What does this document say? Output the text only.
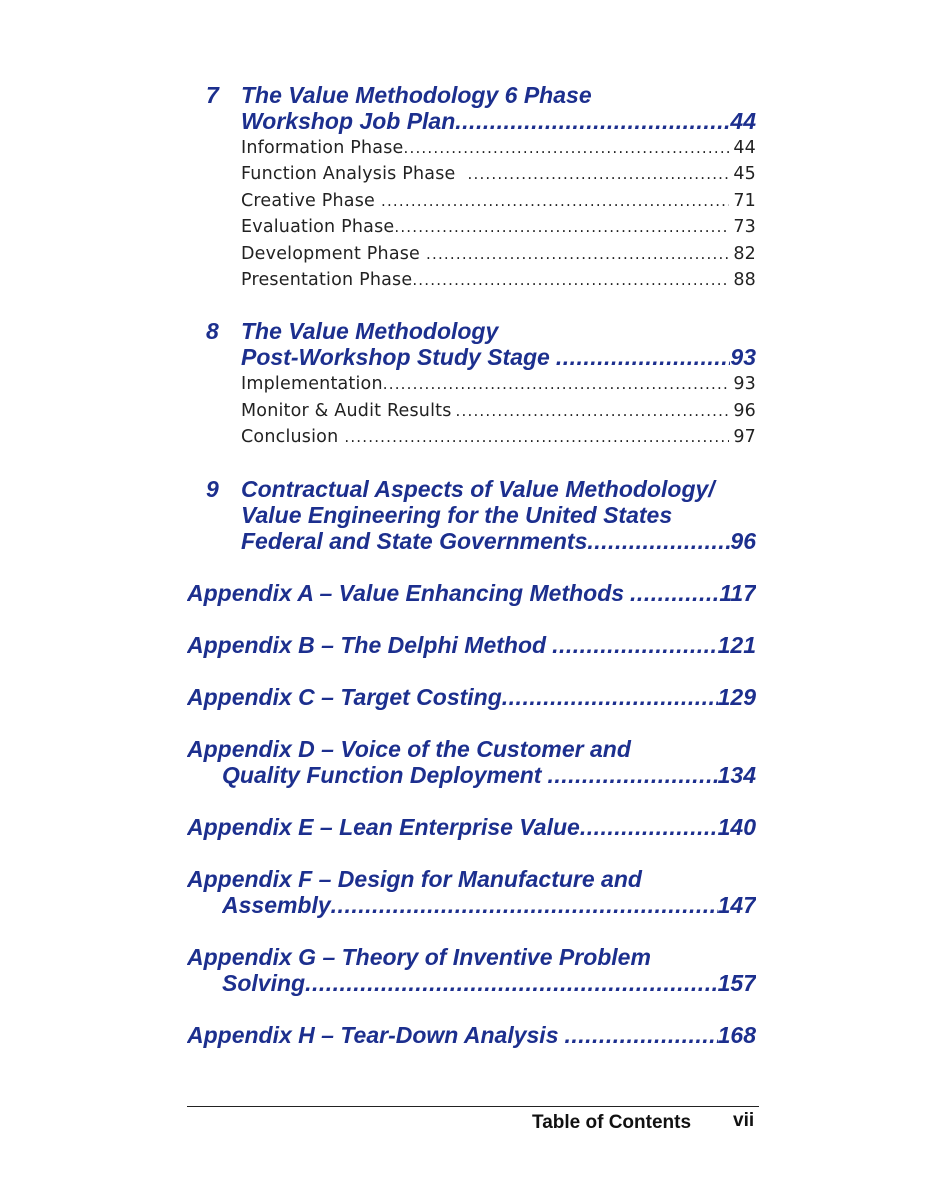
7 The Value Methodology 6 Phase
Workshop Job Plan .....	44
Information Phase .....	44
Function Analysis Phase .....	45
Creative Phase .....	71
Evaluation Phase .....	73
Development Phase .....	82
Presentation Phase .....	88
8 The Value Methodology
Post-Workshop Study Stage .....	93
Implementation .....	93
Monitor & Audit Results .....	96
Conclusion .....	97
9 Contractual Aspects of Value Methodology/
Value Engineering for the United States
Federal and State Governments .....	96
Appendix A – Value Enhancing Methods .....	117
Appendix B – The Delphi Method .....	121
Appendix C – Target Costing .....	129
Appendix D – Voice of the Customer and
Quality Function Deployment .....	134
Appendix E – Lean Enterprise Value .....	140
Appendix F – Design for Manufacture and
Assembly .....	147
Appendix G – Theory of Inventive Problem
Solving .....	157
Appendix H – Tear-Down Analysis .....	168
Table of Contents vii
